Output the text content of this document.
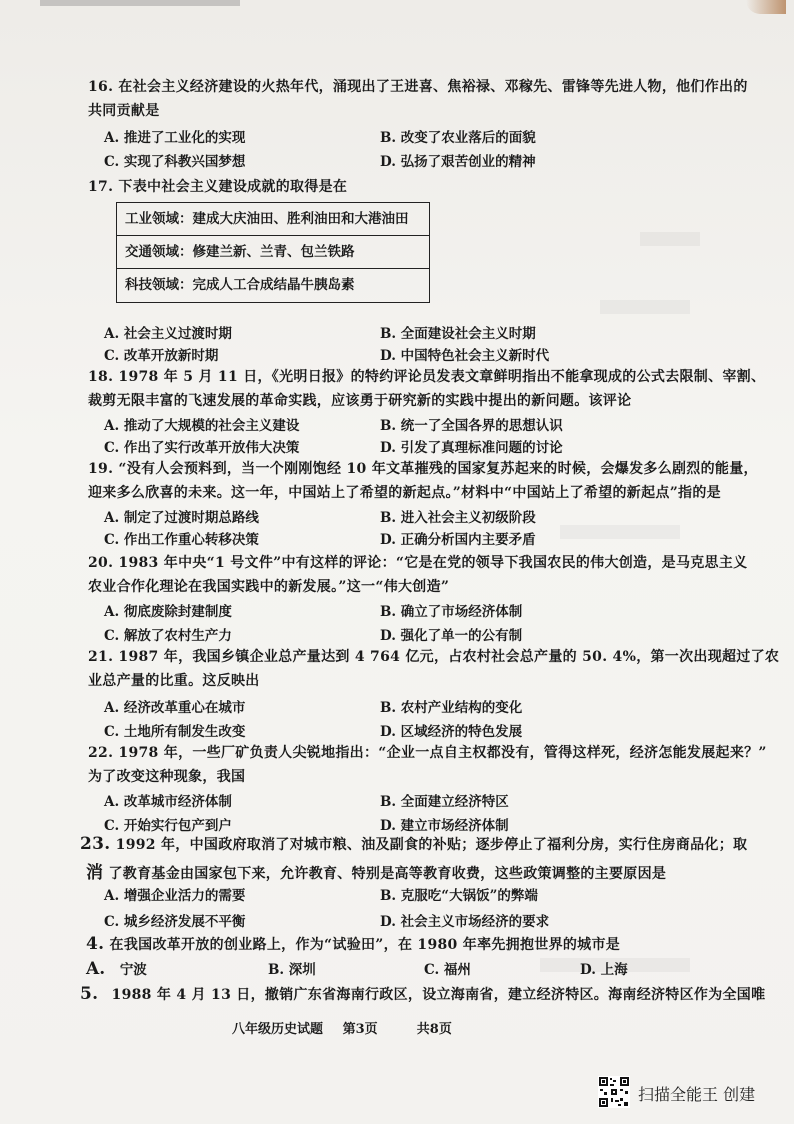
16. 在社会主义经济建设的火热年代，涌现出了王进喜、焦裕禄、邓稼先、雷锋等先进人物，他们作出的
共同贡献是
A. 推进了工业化的实现	B. 改变了农业落后的面貌
C. 实现了科教兴国梦想	D. 弘扬了艰苦创业的精神
17. 下表中社会主义建设成就的取得是在
工业领域：建成大庆油田、胜利油田和大港油田
交通领域：修建兰新、兰青、包兰铁路
科技领域：完成人工合成结晶牛胰岛素
A. 社会主义过渡时期	B. 全面建设社会主义时期
C. 改革开放新时期	D. 中国特色社会主义新时代
18. 1978 年 5 月 11 日，《光明日报》的特约评论员发表文章鲜明指出不能拿现成的公式去限制、宰割、
裁剪无限丰富的飞速发展的革命实践，应该勇于研究新的实践中提出的新问题。该评论
A. 推动了大规模的社会主义建设	B. 统一了全国各界的思想认识
C. 作出了实行改革开放伟大决策	D. 引发了真理标准问题的讨论
19. “没有人会预料到，当一个刚刚饱经 10 年文革摧残的国家复苏起来的时候，会爆发多么剧烈的能量，
迎来多么欣喜的未来。这一年，中国站上了希望的新起点。”材料中“中国站上了希望的新起点”指的是
A. 制定了过渡时期总路线	B. 进入社会主义初级阶段
C. 作出工作重心转移决策	D. 正确分析国内主要矛盾
20. 1983 年中央“1 号文件”中有这样的评论：“它是在党的领导下我国农民的伟大创造，是马克思主义
农业合作化理论在我国实践中的新发展。”这一“伟大创造”
A. 彻底废除封建制度	B. 确立了市场经济体制
C. 解放了农村生产力	D. 强化了单一的公有制
21. 1987 年，我国乡镇企业总产量达到 4 764 亿元，占农村社会总产量的 50. 4%，第一次出现超过了农
业总产量的比重。这反映出
A. 经济改革重心在城市	B. 农村产业结构的变化
C. 土地所有制发生改变	D. 区域经济的特色发展
22. 1978 年，一些厂矿负责人尖锐地指出：“企业一点自主权都没有，管得这样死，经济怎能发展起来？”
为了改变这种现象，我国
A. 改革城市经济体制	B. 全面建立经济特区
C. 开始实行包产到户	D. 建立市场经济体制
23. 1992 年，中国政府取消了对城市粮、油及副食的补贴；逐步停止了福利分房，实行住房商品化；取
消 了教育基金由国家包下来，允许教育、特别是高等教育收费，这些政策调整的主要原因是
A. 增强企业活力的需要	B. 克服吃“大锅饭”的弊端
C. 城乡经济发展不平衡	D. 社会主义市场经济的要求
4. 在我国改革开放的创业路上，作为“试验田”，在 1980 年率先拥抱世界的城市是
A. 宁波	B. 深圳	C. 福州	D. 上海
5. 1988 年 4 月 13 日，撤销广东省海南行政区，设立海南省，建立经济特区。海南经济特区作为全国唯
八年级历史试题 第3页	共8页
扫描全能王 创建
